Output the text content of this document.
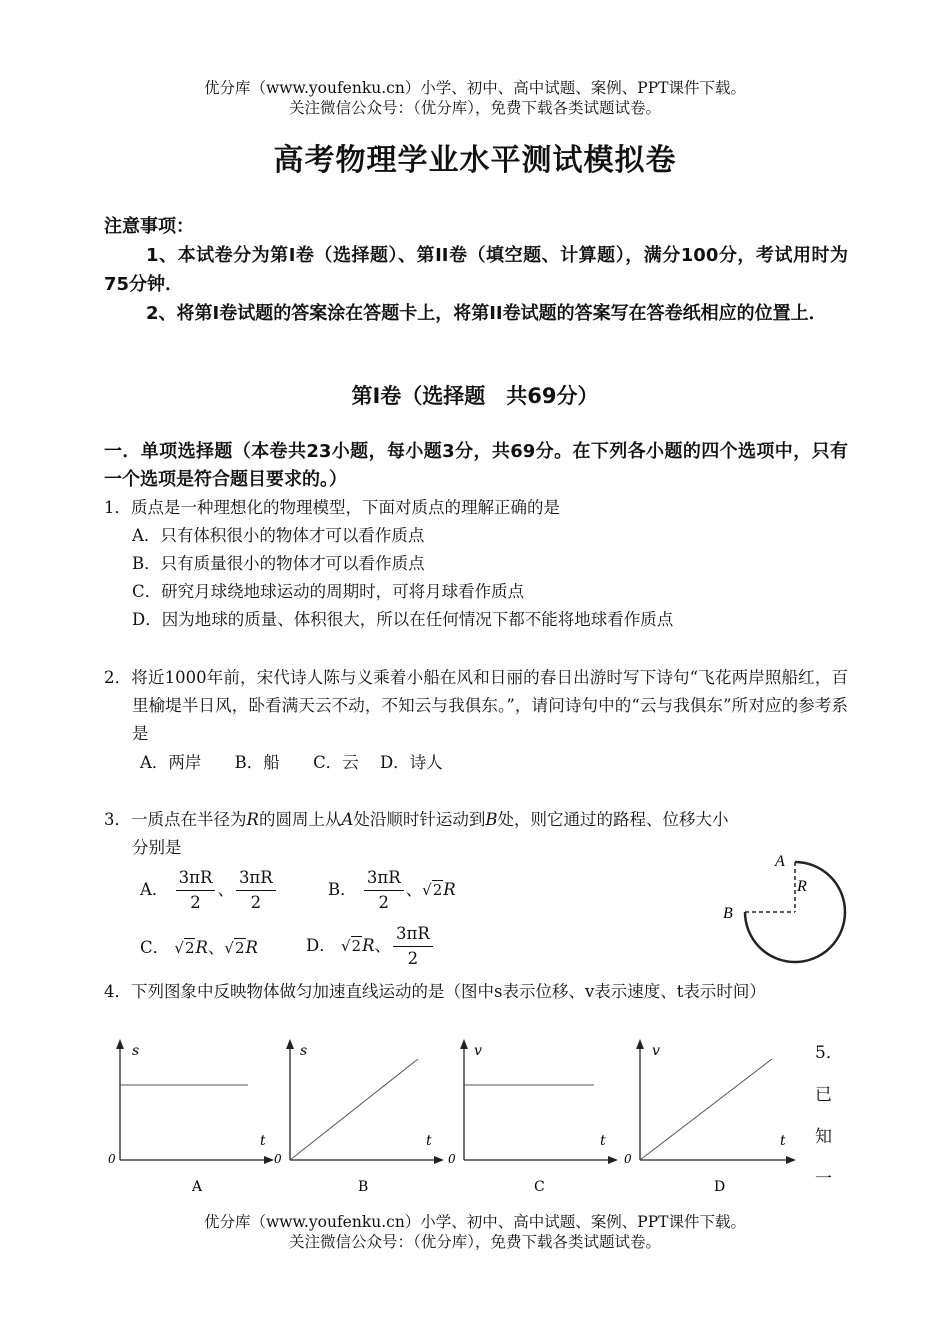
优分库（www.youfenku.cn）小学、初中、高中试题、案例、PPT课件下载。
关注微信公众号：（优分库），免费下载各类试题试卷。
高考物理学业水平测试模拟卷

注意事项：

1、本试卷分为第Ⅰ卷（选择题）、第II卷（填空题、计算题），满分100分，考试用时为75分钟．

2、将第Ⅰ卷试题的答案涂在答题卡上，将第II卷试题的答案写在答卷纸相应的位置上．

第Ⅰ卷（选择题　共69分）
一．单项选择题（本卷共23小题，每小题3分，共69分。在下列各小题的四个选项中，只有一个选项是符合题目要求的。）

1．质点是一种理想化的物理模型，下面对质点的理解正确的是

A．只有体积很小的物体才可以看作质点

B．只有质量很小的物体才可以看作质点

C．研究月球绕地球运动的周期时，可将月球看作质点

D．因为地球的质量、体积很大，所以在任何情况下都不能将地球看作质点

2．将近1000年前，宋代诗人陈与义乘着小船在风和日丽的春日出游时写下诗句“飞花两岸照船红，百里榆堤半日风，卧看满天云不动，不知云与我俱东。”，请问诗句中的“云与我俱东”所对应的参考系是

A．两岸 B．船 C．云 D．诗人

3．一质点在半径为R的圆周上从A处沿顺时针运动到B处，则它通过的路程、位移大小

分别是

A． $\frac{3\pi R}{2}$ 、 $\frac{3\pi R}{2}$	B． $\frac{3\pi R}{2}$ 、√2R
C． √2R、√2R	D． √2R、 $\frac{3\pi R}{2}$
A
B
R

4．下列图象中反映物体做匀加速直线运动的是（图中s表示位移、v表示速度、t表示时间）

s
t
0
A
s
t
0
B
v
t
0
C
v
t
0
D
5．
已
知
一
优分库（www.youfenku.cn）小学、初中、高中试题、案例、PPT课件下载。
关注微信公众号：（优分库），免费下载各类试题试卷。
